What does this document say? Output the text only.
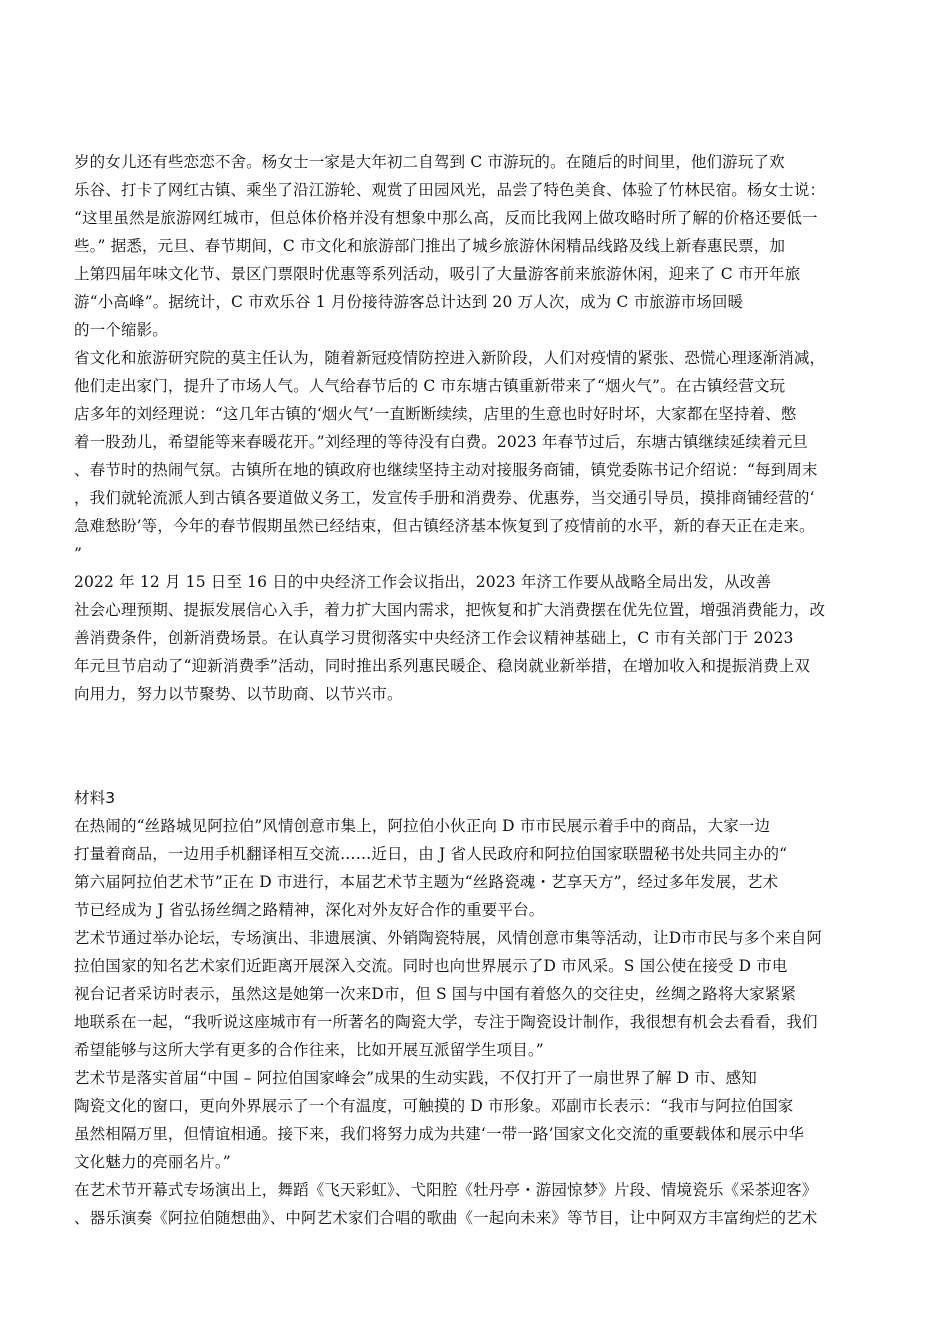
岁的女儿还有些恋恋不舍。杨女士一家是大年初二自驾到 C 市游玩的。在随后的时间里，他们游玩了欢
乐谷、打卡了网红古镇、乘坐了沿江游轮、观赏了田园风光，品尝了特色美食、体验了竹林民宿。杨女士说：
“这里虽然是旅游网红城市，但总体价格并没有想象中那么高，反而比我网上做攻略时所了解的价格还要低一
些。” 据悉，元旦、春节期间，C 市文化和旅游部门推出了城乡旅游休闲精品线路及线上新春惠民票，加
上第四届年味文化节、景区门票限时优惠等系列活动，吸引了大量游客前来旅游休闲，迎来了 C 市开年旅
游“小高峰”。据统计，C 市欢乐谷 1 月份接待游客总计达到 20 万人次，成为 C 市旅游市场回暖
的一个缩影。
省文化和旅游研究院的莫主任认为，随着新冠疫情防控进入新阶段，人们对疫情的紧张、恐慌心理逐渐消减，
他们走出家门，提升了市场人气。人气给春节后的 C 市东塘古镇重新带来了“烟火气”。在古镇经营文玩
店多年的刘经理说：“这几年古镇的‘烟火气’一直断断续续，店里的生意也时好时坏，大家都在坚持着、憋
着一股劲儿，希望能等来春暖花开。”刘经理的等待没有白费。2023 年春节过后，东塘古镇继续延续着元旦
、春节时的热闹气氛。古镇所在地的镇政府也继续坚持主动对接服务商铺，镇党委陈书记介绍说：“每到周末
，我们就轮流派人到古镇各要道做义务工，发宣传手册和消费券、优惠券，当交通引导员，摸排商铺经营的‘
急难愁盼’等，今年的春节假期虽然已经结束，但古镇经济基本恢复到了疫情前的水平，新的春天正在走来。
”
2022 年 12 月 15 日至 16 日的中央经济工作会议指出，2023 年济工作要从战略全局出发，从改善
社会心理预期、提振发展信心入手，着力扩大国内需求，把恢复和扩大消费摆在优先位置，增强消费能力，改
善消费条件，创新消费场景。在认真学习贯彻落实中央经济工作会议精神基础上，C 市有关部门于 2023
年元旦节启动了“迎新消费季”活动，同时推出系列惠民暖企、稳岗就业新举措，在增加收入和提振消费上双
向用力，努力以节聚势、以节助商、以节兴市。
材料3
在热闹的“丝路城见阿拉伯”风情创意市集上，阿拉伯小伙正向 D 市市民展示着手中的商品，大家一边
打量着商品，一边用手机翻译相互交流……近日，由 J 省人民政府和阿拉伯国家联盟秘书处共同主办的“
第六届阿拉伯艺术节”正在 D 市进行，本届艺术节主题为“丝路瓷魂・艺享天方”，经过多年发展，艺术
节已经成为 J 省弘扬丝绸之路精神，深化对外友好合作的重要平台。
艺术节通过举办论坛，专场演出、非遗展演、外销陶瓷特展，风情创意市集等活动，让D市市民与多个来自阿
拉伯国家的知名艺术家们近距离开展深入交流。同时也向世界展示了D 市风采。S 国公使在接受 D 市电
视台记者采访时表示，虽然这是她第一次来D市，但 S 国与中国有着悠久的交往史，丝绸之路将大家紧紧
地联系在一起，“我听说这座城市有一所著名的陶瓷大学，专注于陶瓷设计制作，我很想有机会去看看，我们
希望能够与这所大学有更多的合作往来，比如开展互派留学生项目。”
艺术节是落实首届“中国 – 阿拉伯国家峰会”成果的生动实践，不仅打开了一扇世界了解 D 市、感知
陶瓷文化的窗口，更向外界展示了一个有温度，可触摸的 D 市形象。邓副市长表示：“我市与阿拉伯国家
虽然相隔万里，但情谊相通。接下来，我们将努力成为共建‘一带一路’国家文化交流的重要载体和展示中华
文化魅力的亮丽名片。”
在艺术节开幕式专场演出上，舞蹈《飞天彩虹》、弋阳腔《牡丹亭・游园惊梦》片段、情境瓷乐《采茶迎客》
、器乐演奏《阿拉伯随想曲》、中阿艺术家们合唱的歌曲《一起向未来》等节目，让中阿双方丰富绚烂的艺术
